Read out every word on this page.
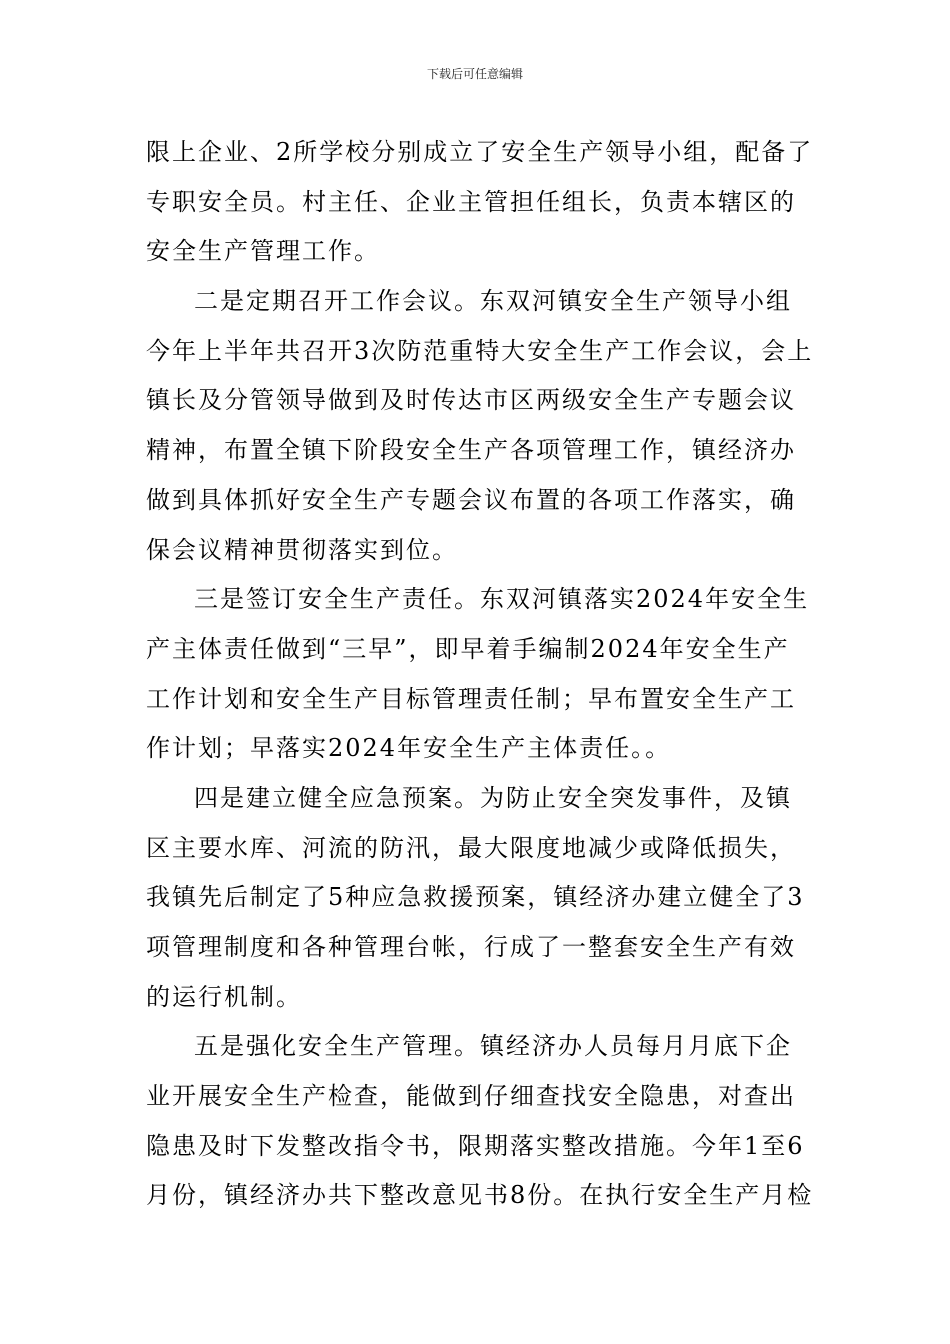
下载后可任意编辑
限上企业、2所学校分别成立了安全生产领导小组，配备了
专职安全员。村主任、企业主管担任组长，负责本辖区的
安全生产管理工作。
二是定期召开工作会议。东双河镇安全生产领导小组
今年上半年共召开3次防范重特大安全生产工作会议，会上
镇长及分管领导做到及时传达市区两级安全生产专题会议
精神，布置全镇下阶段安全生产各项管理工作，镇经济办
做到具体抓好安全生产专题会议布置的各项工作落实，确
保会议精神贯彻落实到位。
三是签订安全生产责任。东双河镇落实2024年安全生
产主体责任做到“三早”，即早着手编制2024年安全生产
工作计划和安全生产目标管理责任制；早布置安全生产工
作计划；早落实2024年安全生产主体责任。。
四是建立健全应急预案。为防止安全突发事件，及镇
区主要水库、河流的防汛，最大限度地减少或降低损失，
我镇先后制定了5种应急救援预案，镇经济办建立健全了3
项管理制度和各种管理台帐，行成了一整套安全生产有效
的运行机制。
五是强化安全生产管理。镇经济办人员每月月底下企
业开展安全生产检查，能做到仔细查找安全隐患，对查出
隐患及时下发整改指令书，限期落实整改措施。今年1至6
月份，镇经济办共下整改意见书8份。在执行安全生产月检
